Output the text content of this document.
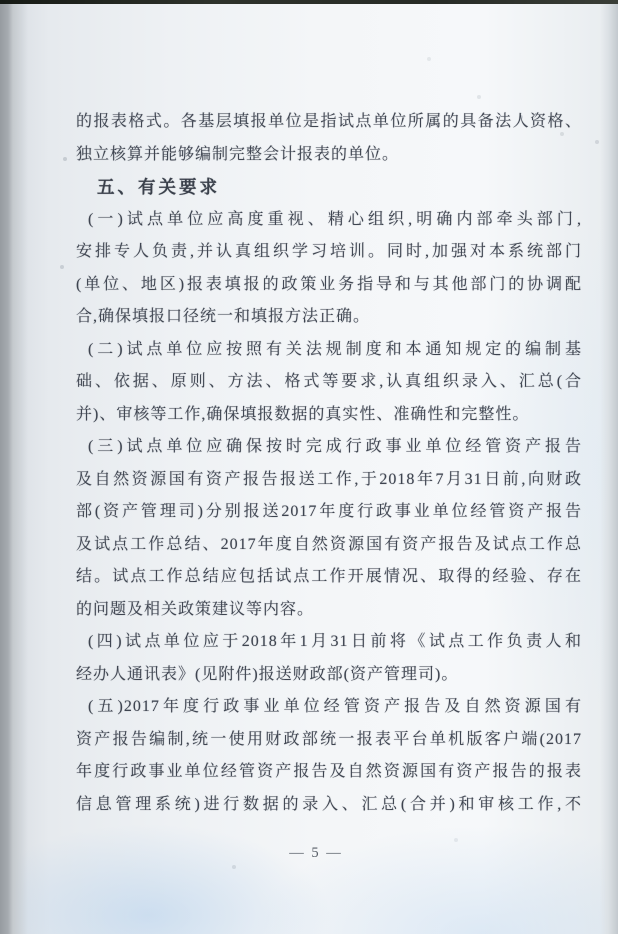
的报表格式。各基层填报单位是指试点单位所属的具备法人资格、
独立核算并能够编制完整会计报表的单位。
五、有关要求
(一)试点单位应高度重视、精心组织,明确内部牵头部门,
安排专人负责,并认真组织学习培训。同时,加强对本系统部门
(单位、地区)报表填报的政策业务指导和与其他部门的协调配
合,确保填报口径统一和填报方法正确。
(二)试点单位应按照有关法规制度和本通知规定的编制基
础、依据、原则、方法、格式等要求,认真组织录入、汇总(合
并)、审核等工作,确保填报数据的真实性、准确性和完整性。
(三)试点单位应确保按时完成行政事业单位经管资产报告
及自然资源国有资产报告报送工作,于2018年7月31日前,向财政
部(资产管理司)分别报送2017年度行政事业单位经管资产报告
及试点工作总结、2017年度自然资源国有资产报告及试点工作总
结。试点工作总结应包括试点工作开展情况、取得的经验、存在
的问题及相关政策建议等内容。
(四)试点单位应于2018年1月31日前将《试点工作负责人和
经办人通讯表》(见附件)报送财政部(资产管理司)。
(五)2017年度行政事业单位经管资产报告及自然资源国有
资产报告编制,统一使用财政部统一报表平台单机版客户端(2017
年度行政事业单位经管资产报告及自然资源国有资产报告的报表
信息管理系统)进行数据的录入、汇总(合并)和审核工作,不
— 5 —
